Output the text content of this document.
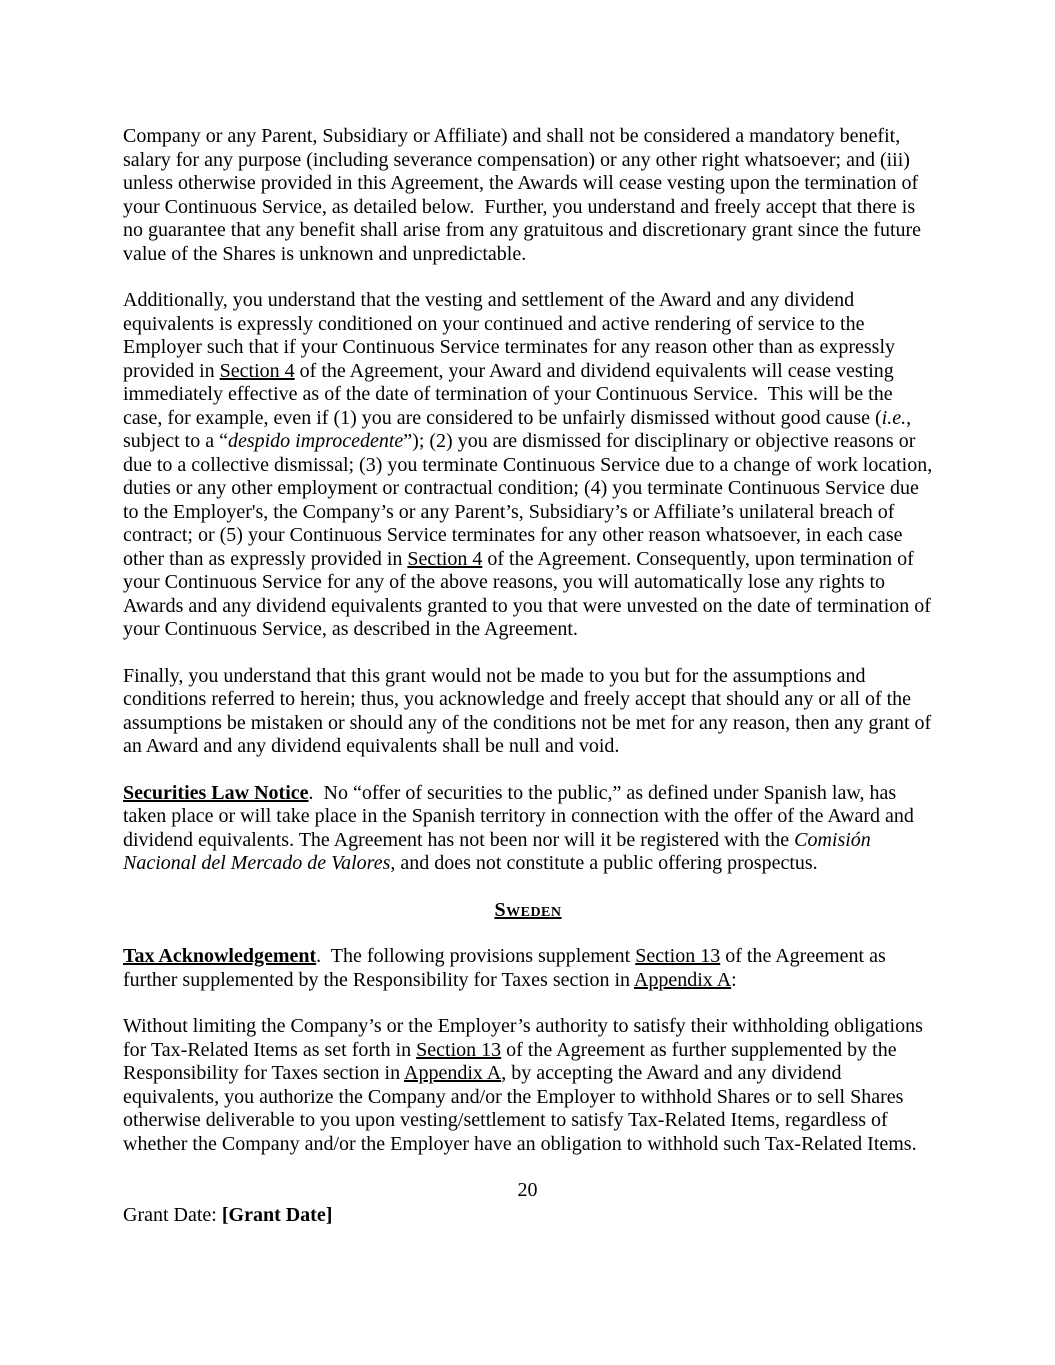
Company or any Parent, Subsidiary or Affiliate) and shall not be considered a mandatory benefit, salary for any purpose (including severance compensation) or any other right whatsoever; and (iii) unless otherwise provided in this Agreement, the Awards will cease vesting upon the termination of your Continuous Service, as detailed below.  Further, you understand and freely accept that there is no guarantee that any benefit shall arise from any gratuitous and discretionary grant since the future value of the Shares is unknown and unpredictable.

Additionally, you understand that the vesting and settlement of the Award and any dividend equivalents is expressly conditioned on your continued and active rendering of service to the Employer such that if your Continuous Service terminates for any reason other than as expressly provided in Section 4 of the Agreement, your Award and dividend equivalents will cease vesting immediately effective as of the date of termination of your Continuous Service.  This will be the case, for example, even if (1) you are considered to be unfairly dismissed without good cause (i.e., subject to a “despido improcedente”); (2) you are dismissed for disciplinary or objective reasons or due to a collective dismissal; (3) you terminate Continuous Service due to a change of work location, duties or any other employment or contractual condition; (4) you terminate Continuous Service due to the Employer's, the Company’s or any Parent’s, Subsidiary’s or Affiliate’s unilateral breach of contract; or (5) your Continuous Service terminates for any other reason whatsoever, in each case other than as expressly provided in Section 4 of the Agreement. Consequently, upon termination of your Continuous Service for any of the above reasons, you will automatically lose any rights to Awards and any dividend equivalents granted to you that were unvested on the date of termination of your Continuous Service, as described in the Agreement.

Finally, you understand that this grant would not be made to you but for the assumptions and conditions referred to herein; thus, you acknowledge and freely accept that should any or all of the assumptions be mistaken or should any of the conditions not be met for any reason, then any grant of an Award and any dividend equivalents shall be null and void.

Securities Law Notice.  No “offer of securities to the public,” as defined under Spanish law, has taken place or will take place in the Spanish territory in connection with the offer of the Award and dividend equivalents. The Agreement has not been nor will it be registered with the Comisión Nacional del Mercado de Valores, and does not constitute a public offering prospectus.

Sweden

Tax Acknowledgement.  The following provisions supplement Section 13 of the Agreement as further supplemented by the Responsibility for Taxes section in Appendix A:

Without limiting the Company’s or the Employer’s authority to satisfy their withholding obligations for Tax-Related Items as set forth in Section 13 of the Agreement as further supplemented by the Responsibility for Taxes section in Appendix A, by accepting the Award and any dividend equivalents, you authorize the Company and/or the Employer to withhold Shares or to sell Shares otherwise deliverable to you upon vesting/settlement to satisfy Tax-Related Items, regardless of whether the Company and/or the Employer have an obligation to withhold such Tax-Related Items.

20
Grant Date: [Grant Date]
